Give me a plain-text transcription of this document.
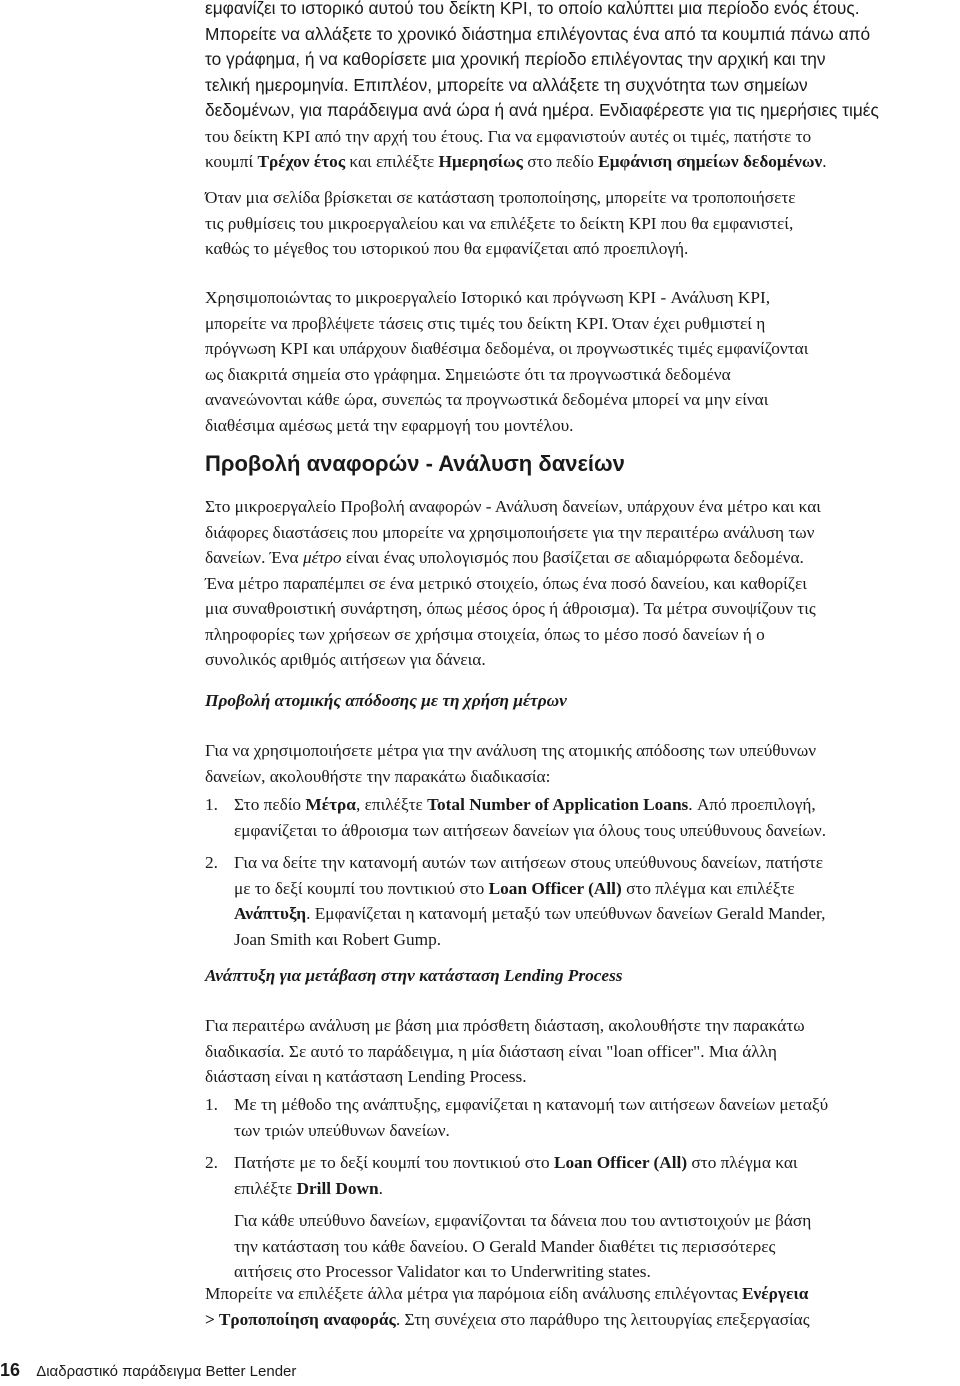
εμφανίζει το ιστορικό αυτού του δείκτη KPI, το οποίο καλύπτει μια περίοδο ενός έτους.

Μπορείτε να αλλάξετε το χρονικό διάστημα επιλέγοντας ένα από τα κουμπιά πάνω από

το γράφημα, ή να καθορίσετε μια χρονική περίοδο επιλέγοντας την αρχική και την

τελική ημερομηνία. Επιπλέον, μπορείτε να αλλάξετε τη συχνότητα των σημείων

δεδομένων, για παράδειγμα ανά ώρα ή ανά ημέρα. Ενδιαφέρεστε για τις ημερήσιες τιμές

του δείκτη KPI από την αρχή του έτους. Για να εμφανιστούν αυτές οι τιμές, πατήστε το

κουμπί Τρέχον έτος και επιλέξτε Ημερησίως στο πεδίο Εμφάνιση σημείων δεδομένων.

Όταν μια σελίδα βρίσκεται σε κατάσταση τροποποίησης, μπορείτε να τροποποιήσετε

τις ρυθμίσεις του μικροεργαλείου και να επιλέξετε το δείκτη KPI που θα εμφανιστεί,

καθώς το μέγεθος του ιστορικού που θα εμφανίζεται από προεπιλογή.

Χρησιμοποιώντας το μικροεργαλείο Ιστορικό και πρόγνωση KPI - Ανάλυση KPI,

μπορείτε να προβλέψετε τάσεις στις τιμές του δείκτη KPI. Όταν έχει ρυθμιστεί η

πρόγνωση KPI και υπάρχουν διαθέσιμα δεδομένα, οι προγνωστικές τιμές εμφανίζονται

ως διακριτά σημεία στο γράφημα. Σημειώστε ότι τα προγνωστικά δεδομένα

ανανεώνονται κάθε ώρα, συνεπώς τα προγνωστικά δεδομένα μπορεί να μην είναι

διαθέσιμα αμέσως μετά την εφαρμογή του μοντέλου.

Προβολή αναφορών - Ανάλυση δανείων

Στο μικροεργαλείο Προβολή αναφορών - Ανάλυση δανείων, υπάρχουν ένα μέτρο και και

διάφορες διαστάσεις που μπορείτε να χρησιμοποιήσετε για την περαιτέρω ανάλυση των

δανείων. Ένα μέτρο είναι ένας υπολογισμός που βασίζεται σε αδιαμόρφωτα δεδομένα.

Ένα μέτρο παραπέμπει σε ένα μετρικό στοιχείο, όπως ένα ποσό δανείου, και καθορίζει

μια συναθροιστική συνάρτηση, όπως μέσος όρος ή άθροισμα). Τα μέτρα συνοψίζουν τις

πληροφορίες των χρήσεων σε χρήσιμα στοιχεία, όπως το μέσο ποσό δανείων ή ο

συνολικός αριθμός αιτήσεων για δάνεια.

Προβολή ατομικής απόδοσης με τη χρήση μέτρων

Για να χρησιμοποιήσετε μέτρα για την ανάλυση της ατομικής απόδοσης των υπεύθυνων

δανείων, ακολουθήστε την παρακάτω διαδικασία:

1. Στο πεδίο Μέτρα, επιλέξτε Total Number of Application Loans. Από προεπιλογή,

εμφανίζεται το άθροισμα των αιτήσεων δανείων για όλους τους υπεύθυνους δανείων.

2. Για να δείτε την κατανομή αυτών των αιτήσεων στους υπεύθυνους δανείων, πατήστε

με το δεξί κουμπί του ποντικιού στο Loan Officer (All) στο πλέγμα και επιλέξτε

Ανάπτυξη. Εμφανίζεται η κατανομή μεταξύ των υπεύθυνων δανείων Gerald Mander,

Joan Smith και Robert Gump.

Ανάπτυξη για μετάβαση στην κατάσταση Lending Process

Για περαιτέρω ανάλυση με βάση μια πρόσθετη διάσταση, ακολουθήστε την παρακάτω

διαδικασία. Σε αυτό το παράδειγμα, η μία διάσταση είναι "loan officer". Μια άλλη

διάσταση είναι η κατάσταση Lending Process.

1. Με τη μέθοδο της ανάπτυξης, εμφανίζεται η κατανομή των αιτήσεων δανείων μεταξύ

των τριών υπεύθυνων δανείων.

2. Πατήστε με το δεξί κουμπί του ποντικιού στο Loan Officer (All) στο πλέγμα και

επιλέξτε Drill Down.

Για κάθε υπεύθυνο δανείων, εμφανίζονται τα δάνεια που του αντιστοιχούν με βάση

την κατάσταση του κάθε δανείου. O Gerald Mander διαθέτει τις περισσότερες

αιτήσεις στο Processor Validator και το Underwriting states.

Μπορείτε να επιλέξετε άλλα μέτρα για παρόμοια είδη ανάλυσης επιλέγοντας Ενέργεια

> Τροποποίηση αναφοράς. Στη συνέχεια στο παράθυρο της λειτουργίας επεξεργασίας

16 Διαδραστικό παράδειγμα Better Lender
